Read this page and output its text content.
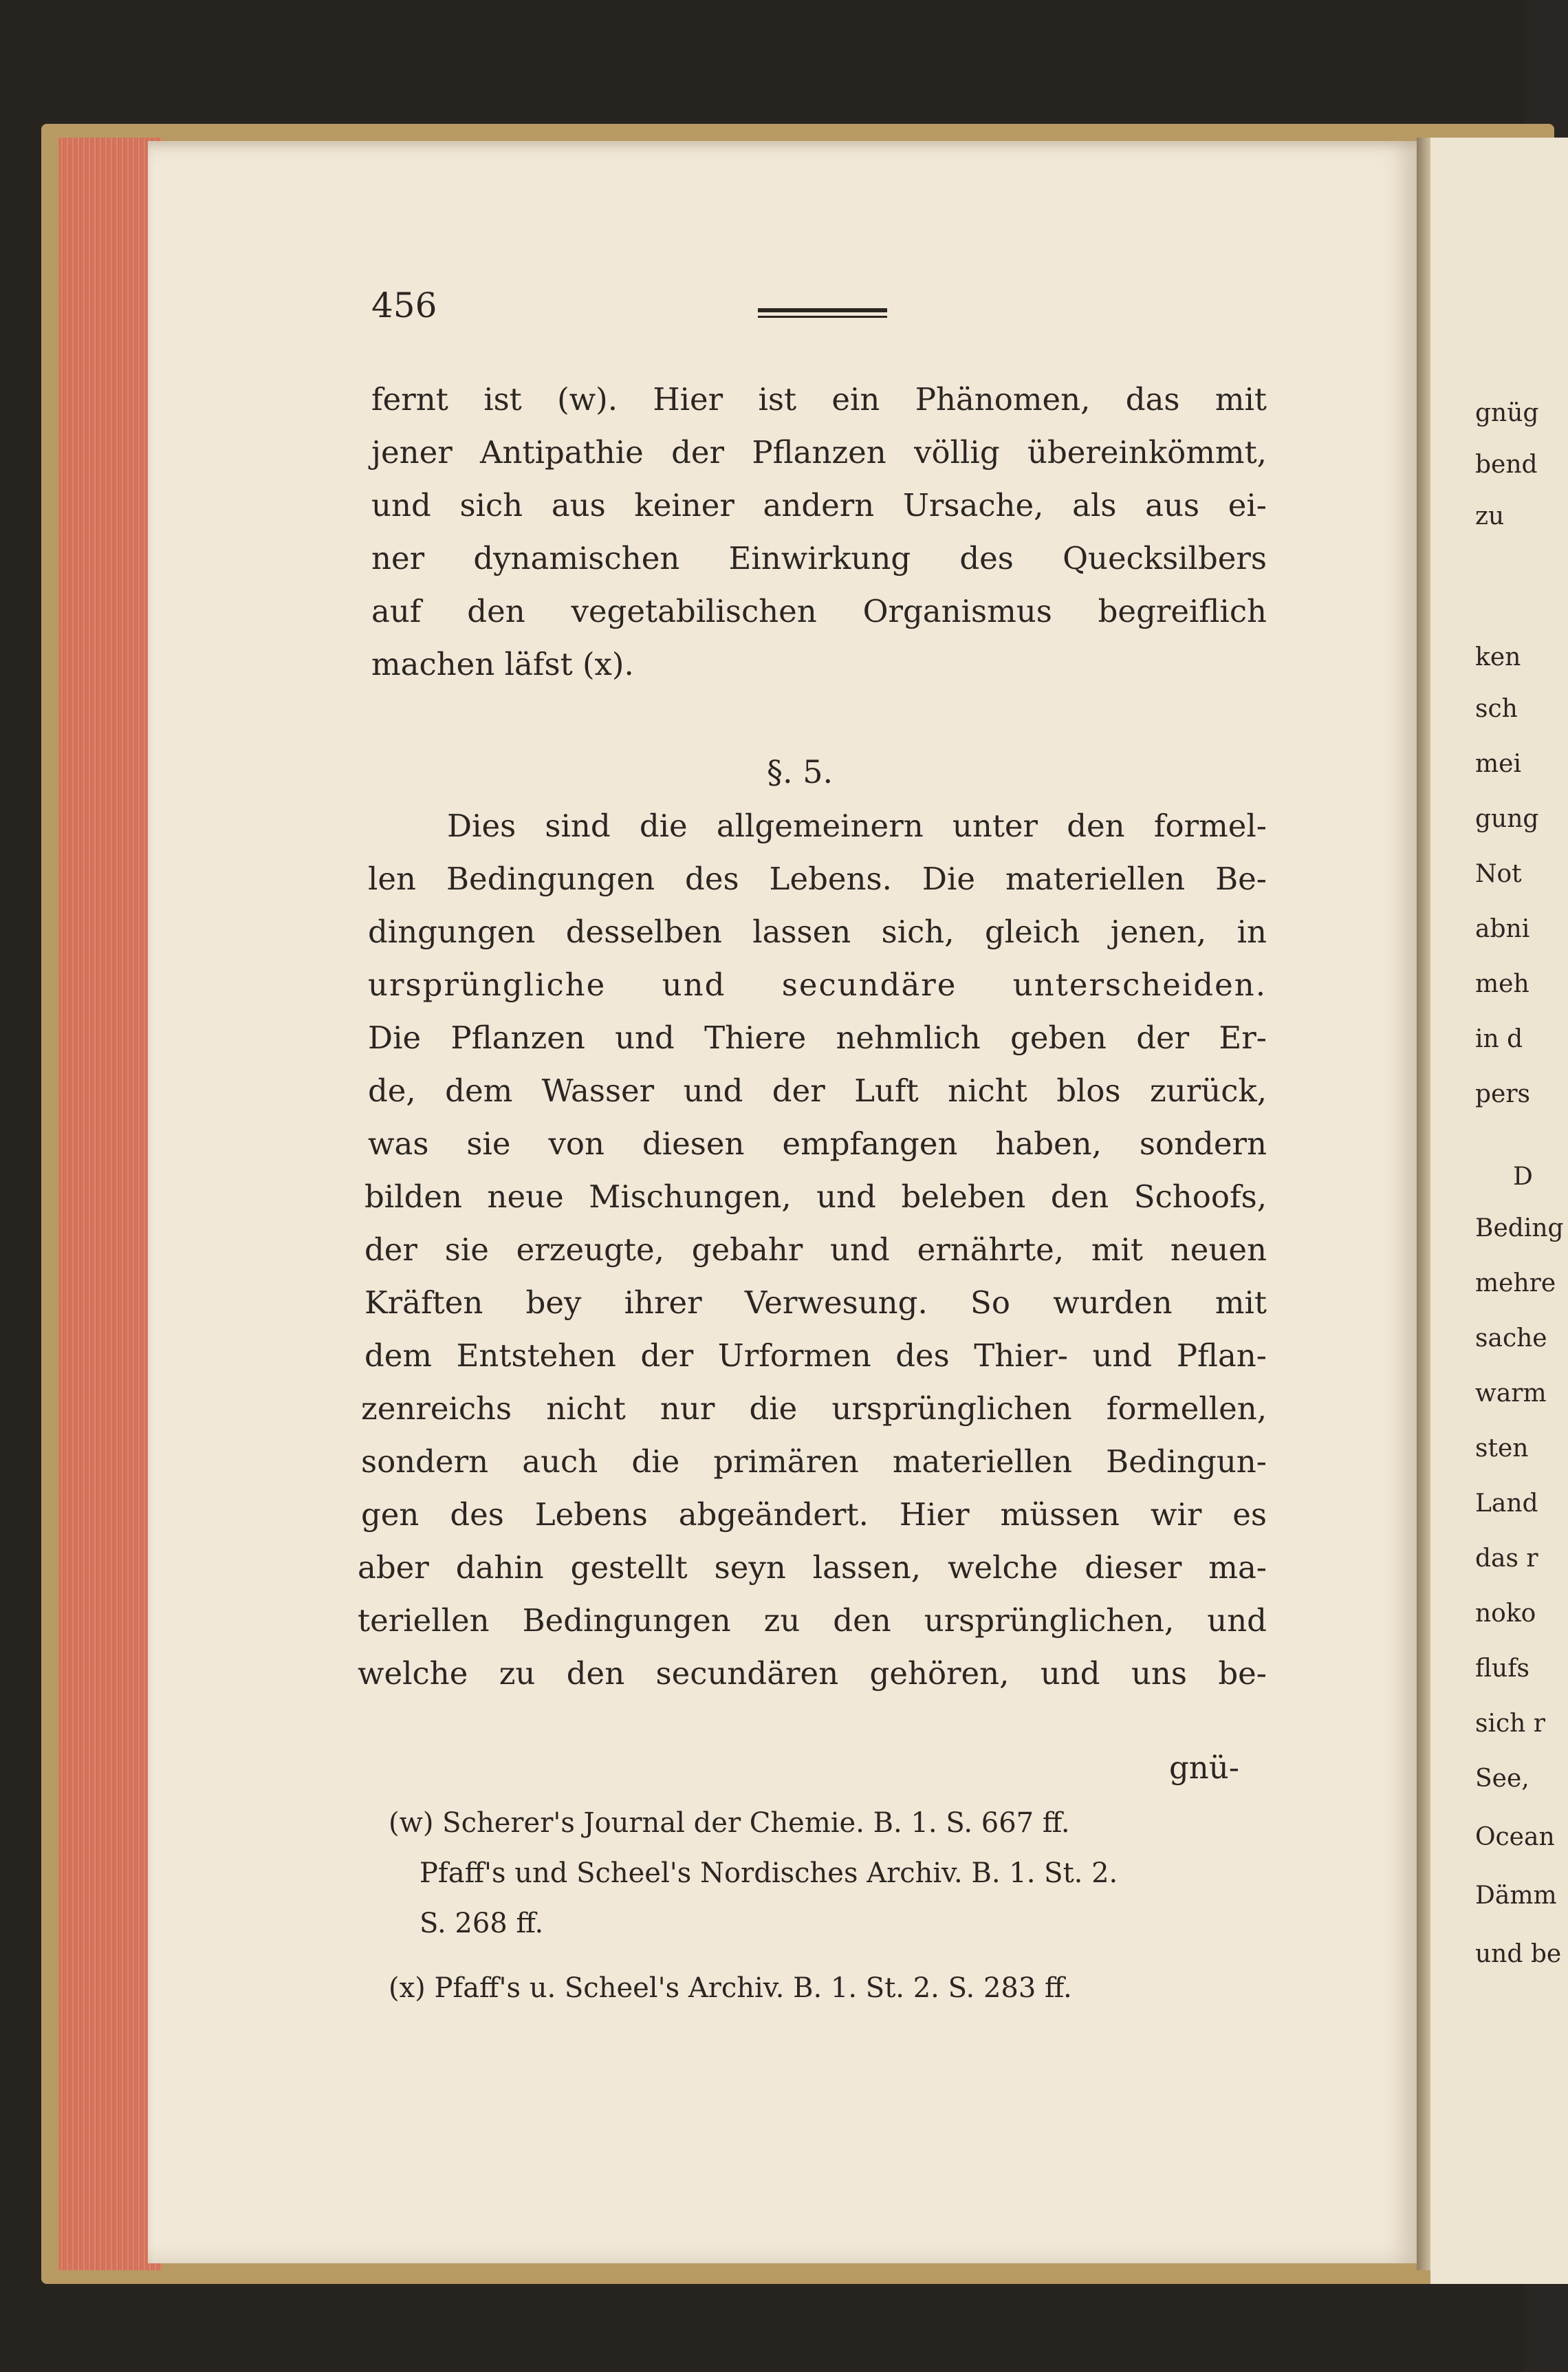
456
fernt ist (w). Hier ist ein Phänomen, das mit
jener Antipathie der Pflanzen völlig übereinkömmt,
und sich aus keiner andern Ursache, als aus ei-
ner dynamischen Einwirkung des Quecksilbers
auf den vegetabilischen Organismus begreiflich
machen läfst (x).
§. 5.
Dies sind die allgemeinern unter den formel-
len Bedingungen des Lebens. Die materiellen Be-
dingungen desselben lassen sich, gleich jenen, in
ursprüngliche und secundäre unterscheiden.
Die Pflanzen und Thiere nehmlich geben der Er-
de, dem Wasser und der Luft nicht blos zurück,
was sie von diesen empfangen haben, sondern
bilden neue Mischungen, und beleben den Schoofs,
der sie erzeugte, gebahr und ernährte, mit neuen
Kräften bey ihrer Verwesung. So wurden mit
dem Entstehen der Urformen des Thier- und Pflan-
zenreichs nicht nur die ursprünglichen formellen,
sondern auch die primären materiellen Bedingun-
gen des Lebens abgeändert. Hier müssen wir es
aber dahin gestellt seyn lassen, welche dieser ma-
teriellen Bedingungen zu den ursprünglichen, und
welche zu den secundären gehören, und uns be-
gnü-
(w) Scherer's Journal der Chemie. B. 1. S. 667 ff.
Pfaff's und Scheel's Nordisches Archiv. B. 1. St. 2.
S. 268 ff.
(x) Pfaff's u. Scheel's Archiv. B. 1. St. 2. S. 283 ff.
gnüg
bend
zu
ken
sch
mei
gung
Not
abni
meh
in d
pers
D
Beding
mehre
sache
warm
sten
Land
das r
noko
flufs
sich r
See,
Ocean
Dämm
und be
